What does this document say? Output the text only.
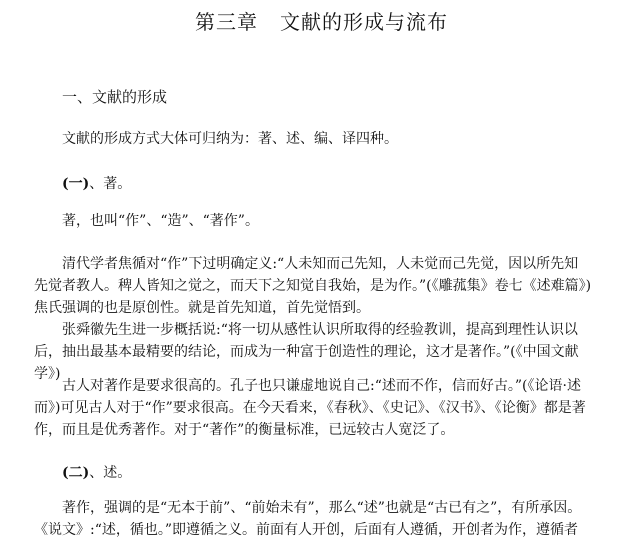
第三章 文献的形成与流布
一、文献的形成

文献的形成方式大体可归纳为：著、述、编、译四种。

(一)、著。

著，也叫“作”、“造”、“著作”。

清代学者焦循对“作”下过明确定义:“人未知而己先知，人未觉而己先觉，因以所先知先觉者教人。稗人皆知之觉之，而天下之知觉自我始，是为作。”(《雕菰集》卷七《述难篇》)焦氏强调的也是原创性。就是首先知道，首先觉悟到。

张舜徽先生进一步概括说:“将一切从感性认识所取得的经验教训，提高到理性认识以后，抽出最基本最精要的结论，而成为一种富于创造性的理论，这才是著作。”(《中国文献学》)

古人对著作是要求很高的。孔子也只谦虚地说自己:“述而不作，信而好古。”(《论语·述而》)可见古人对于“作”要求很高。在今天看来，《春秋》、《史记》、《汉书》、《论衡》都是著作，而且是优秀著作。对于“著作”的衡量标准，已远较古人宽泛了。

(二)、述。

著作，强调的是“无本于前”、“前始未有”，那么“述”也就是“古已有之”，有所承因。《说文》:“述，循也。”即遵循之义。前面有人开创，后面有人遵循，开创者为作，遵循者
